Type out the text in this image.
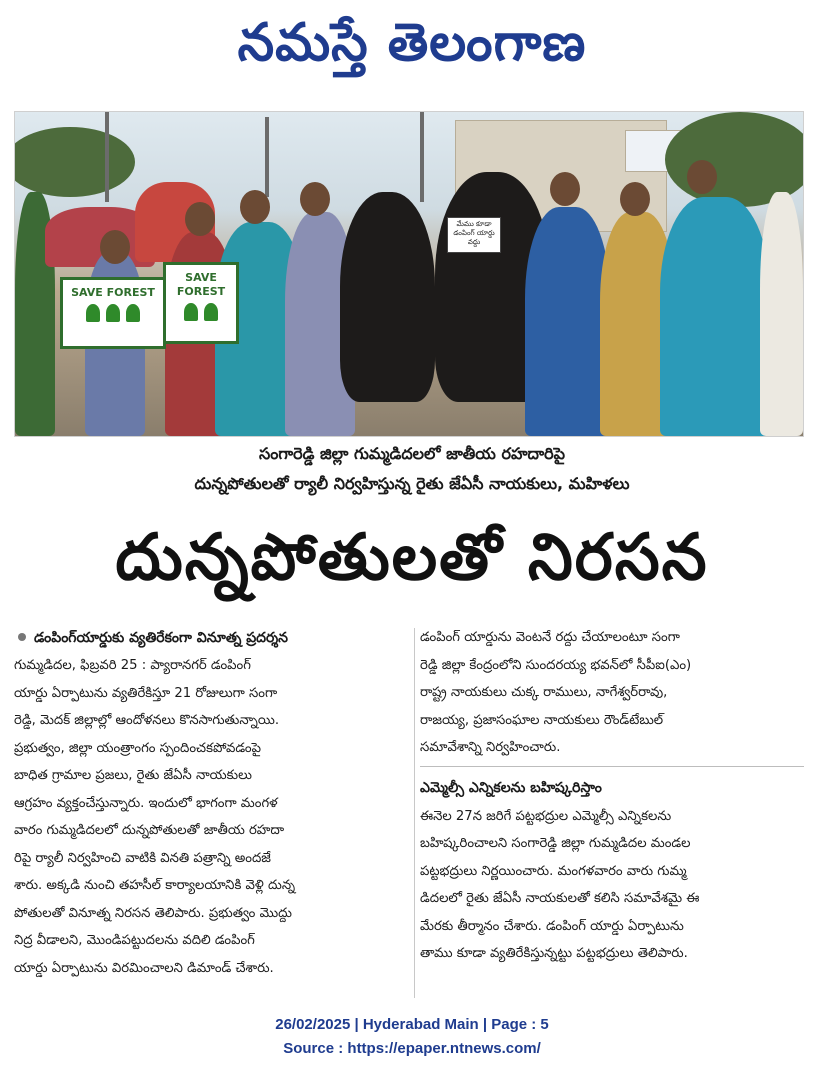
నమస్తే తెలంగాణ
SAVE FOREST

SAVE FOREST

మేము కూడా డంపింగ్ యార్డు వద్దు
సంగారెడ్డి జిల్లా గుమ్మడిదలలో జాతీయ రహదారిపై
దున్నపోతులతో ర్యాలీ నిర్వహిస్తున్న రైతు జేఏసీ నాయకులు, మహిళలు
దున్నపోతులతో నిరసన
డంపింగ్‌యార్డుకు వ్యతిరేకంగా వినూత్న ప్రదర్శన
గుమ్మడిదల, ఫిబ్రవరి 25 : ప్యారానగర్ డంపింగ్
యార్డు ఏర్పాటును వ్యతిరేకిస్తూ 21 రోజులుగా సంగా
రెడ్డి, మెదక్ జిల్లాల్లో ఆందోళనలు కొనసాగుతున్నాయి.
ప్రభుత్వం, జిల్లా యంత్రాంగం స్పందించకపోవడంపై
బాధిత గ్రామాల ప్రజలు, రైతు జేఏసీ నాయకులు
ఆగ్రహం వ్యక్తంచేస్తున్నారు. ఇందులో భాగంగా మంగళ
వారం గుమ్మడిదలలో దున్నపోతులతో జాతీయ రహదా
రిపై ర్యాలీ నిర్వహించి వాటికి వినతి పత్రాన్ని అందజే
శారు. అక్కడి నుంచి తహసీల్ కార్యాలయానికి వెళ్లి దున్న
పోతులతో వినూత్న నిరసన తెలిపారు. ప్రభుత్వం మొద్దు
నిద్ర వీడాలని, మొండిపట్టుదలను వదిలి డంపింగ్
యార్డు ఏర్పాటును విరమించాలని డిమాండ్ చేశారు.
డంపింగ్ యార్డును వెంటనే రద్దు చేయాలంటూ సంగా
రెడ్డి జిల్లా కేంద్రంలోని సుందరయ్య భవన్‌లో సీపీఐ(ఎం)
రాష్ట్ర నాయకులు చుక్క రాములు, నాగేశ్వర్‌రావు,
రాజయ్య, ప్రజాసంఘాల నాయకులు రౌండ్‌టేబుల్
సమావేశాన్ని నిర్వహించారు.
ఎమ్మెల్సీ ఎన్నికలను బహిష్కరిస్తాం
ఈనెల 27న జరిగే పట్టభద్రుల ఎమ్మెల్సీ ఎన్నికలను
బహిష్కరించాలని సంగారెడ్డి జిల్లా గుమ్మడిదల మండల
పట్టభద్రులు నిర్ణయించారు. మంగళవారం వారు గుమ్మ
డిదలలో రైతు జేఏసీ నాయకులతో కలిసి సమావేశమై ఈ
మేరకు తీర్మానం చేశారు. డంపింగ్ యార్డు ఏర్పాటును
తాము కూడా వ్యతిరేకిస్తున్నట్టు పట్టభద్రులు తెలిపారు.
26/02/2025 | Hyderabad Main | Page : 5
Source : https://epaper.ntnews.com/
